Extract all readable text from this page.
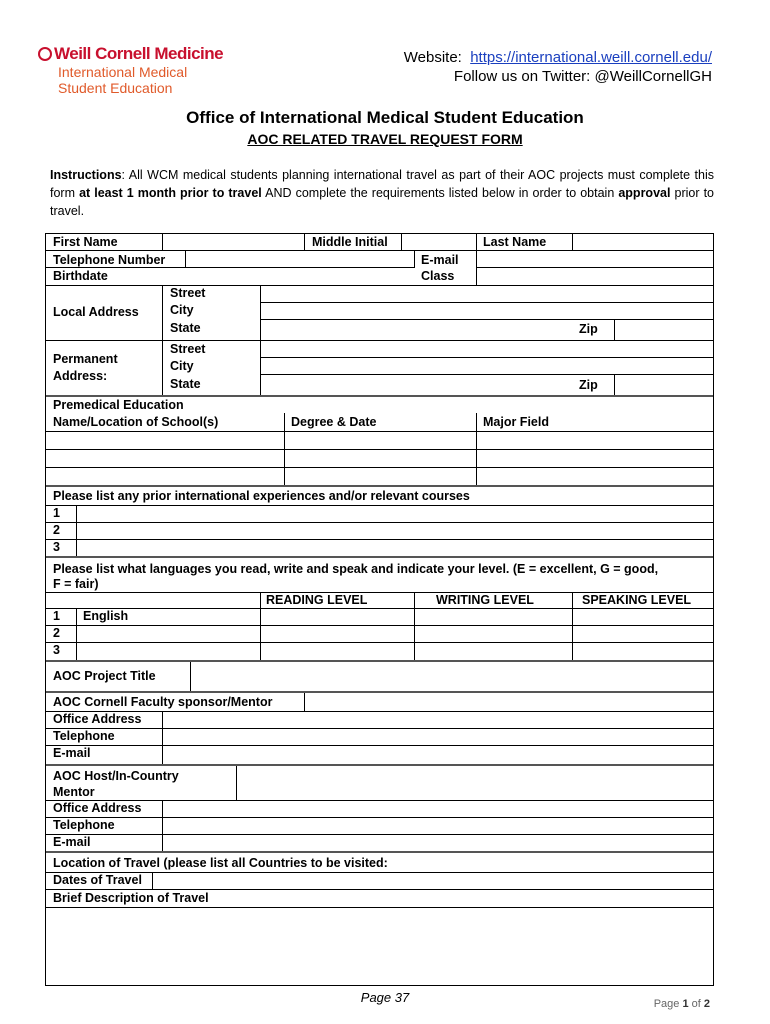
Weill Cornell Medicine
International Medical
Student Education
Website: https://international.weill.cornell.edu/
Follow us on Twitter: @WeillCornellGH
Office of International Medical Student Education
AOC RELATED TRAVEL REQUEST FORM
Instructions: All WCM medical students planning international travel as part of their AOC projects must complete this form at least 1 month prior to travel AND complete the requirements listed below in order to obtain approval prior to travel.
First Name	Middle Initial	Last Name
Telephone Number	E-mail
Birthdate	Class
Local Address
Street
City
State	Zip
Permanent
Address:
Street
City
State	Zip
Premedical Education
Name/Location of School(s)	Degree & Date	Major Field
Please list any prior international experiences and/or relevant courses
1
2
3
Please list what languages you read, write and speak and indicate your level. (E = excellent, G = good,
F = fair)
READING LEVEL	WRITING LEVEL	SPEAKING LEVEL
1 English
2
3
AOC Project Title
AOC Cornell Faculty sponsor/Mentor
Office Address
Telephone
E-mail
AOC Host/In-Country
Mentor
Office Address
Telephone
E-mail
Location of Travel (please list all Countries to be visited:
Dates of Travel
Brief Description of Travel
Page 37	Page 1 of 2
